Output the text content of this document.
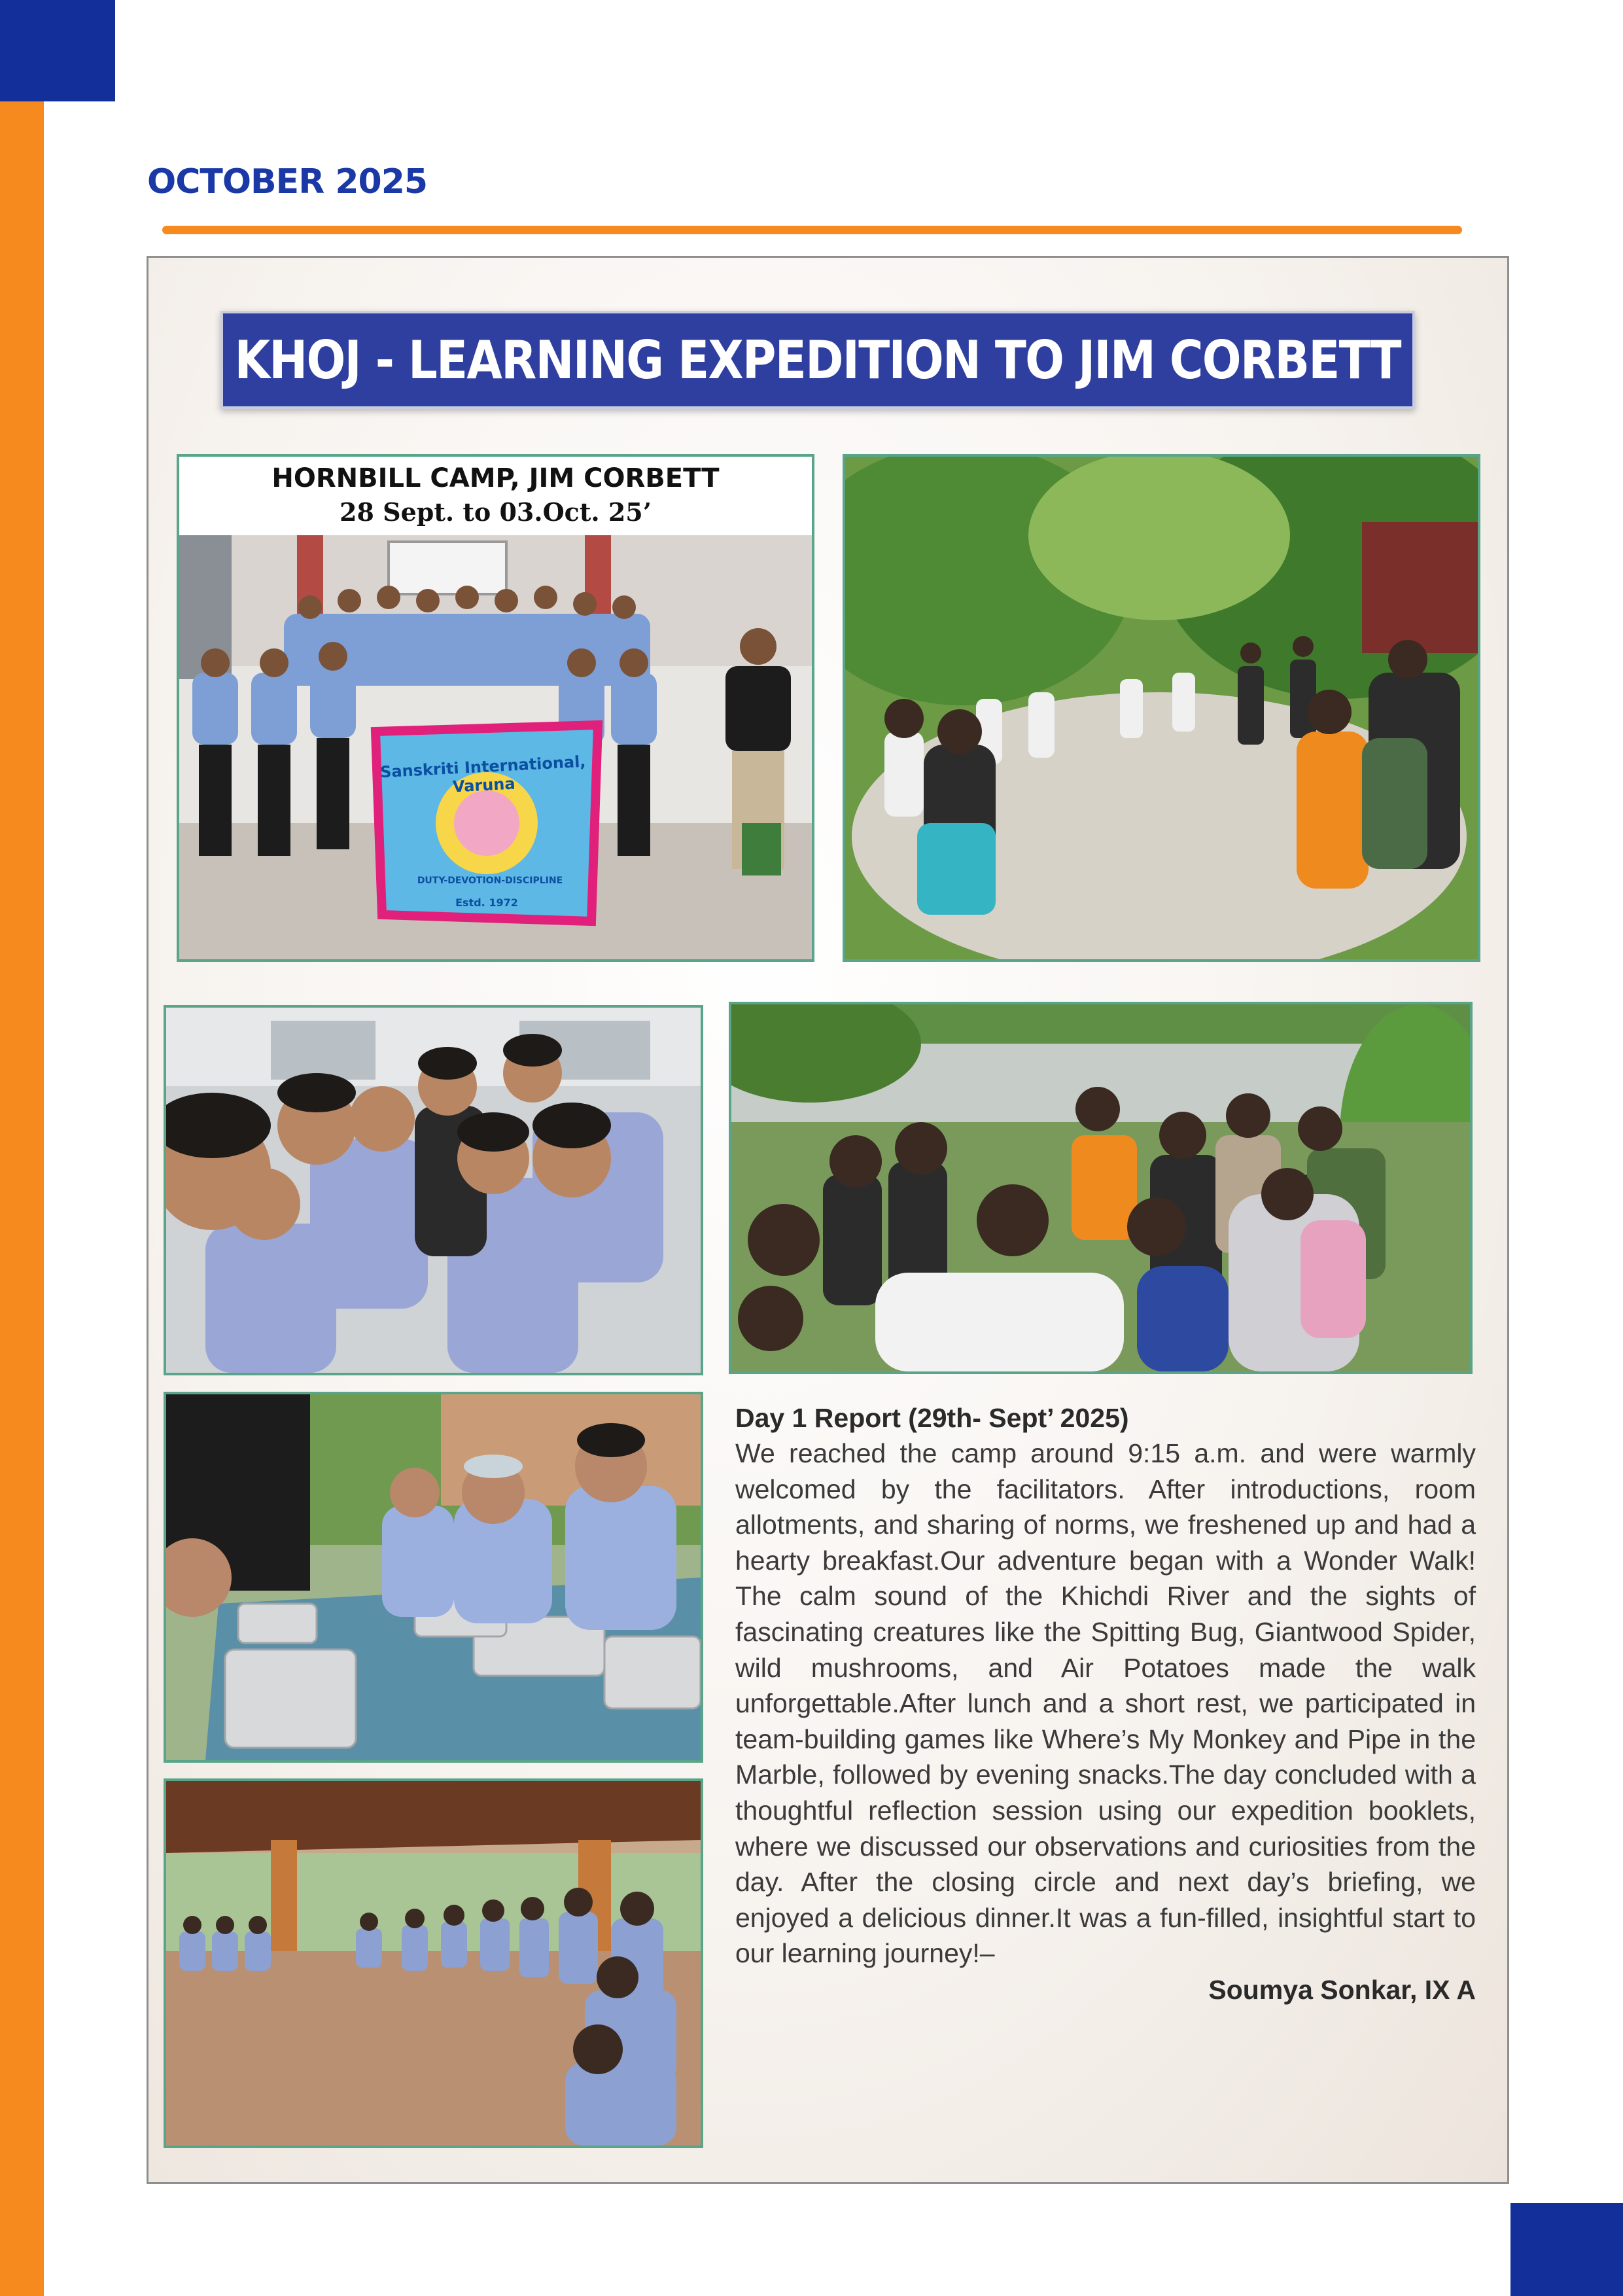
OCTOBER 2025
KHOJ - LEARNING EXPEDITION TO JIM CORBETT
HORNBILL CAMP, JIM CORBETT
28 Sept. to 03.Oct. 25’
Sanskriti International, Varuna
DUTY-DEVOTION-DISCIPLINE
Estd. 1972
Day 1 Report (29th- Sept’ 2025)

We reached the camp around 9:15 a.m. and were warmly welcomed by the facilitators. After introductions, room allotments, and sharing of norms, we freshened up and had a hearty breakfast.Our adventure began with a Wonder Walk! The calm sound of the Khichdi River and the sights of fascinating creatures like the Spitting Bug, Giantwood Spider, wild mushrooms, and Air Potatoes made the walk unforgettable.After lunch and a short rest, we participated in team-building games like Where’s My Monkey and Pipe in the Marble, followed by evening snacks.The day concluded with a thoughtful reflection session using our expedition booklets, where we discussed our observations and curiosities from the day. After the closing circle and next day’s briefing, we enjoyed a delicious dinner.It was a fun-filled, insightful start to our learning journey!–

Soumya Sonkar, IX A
